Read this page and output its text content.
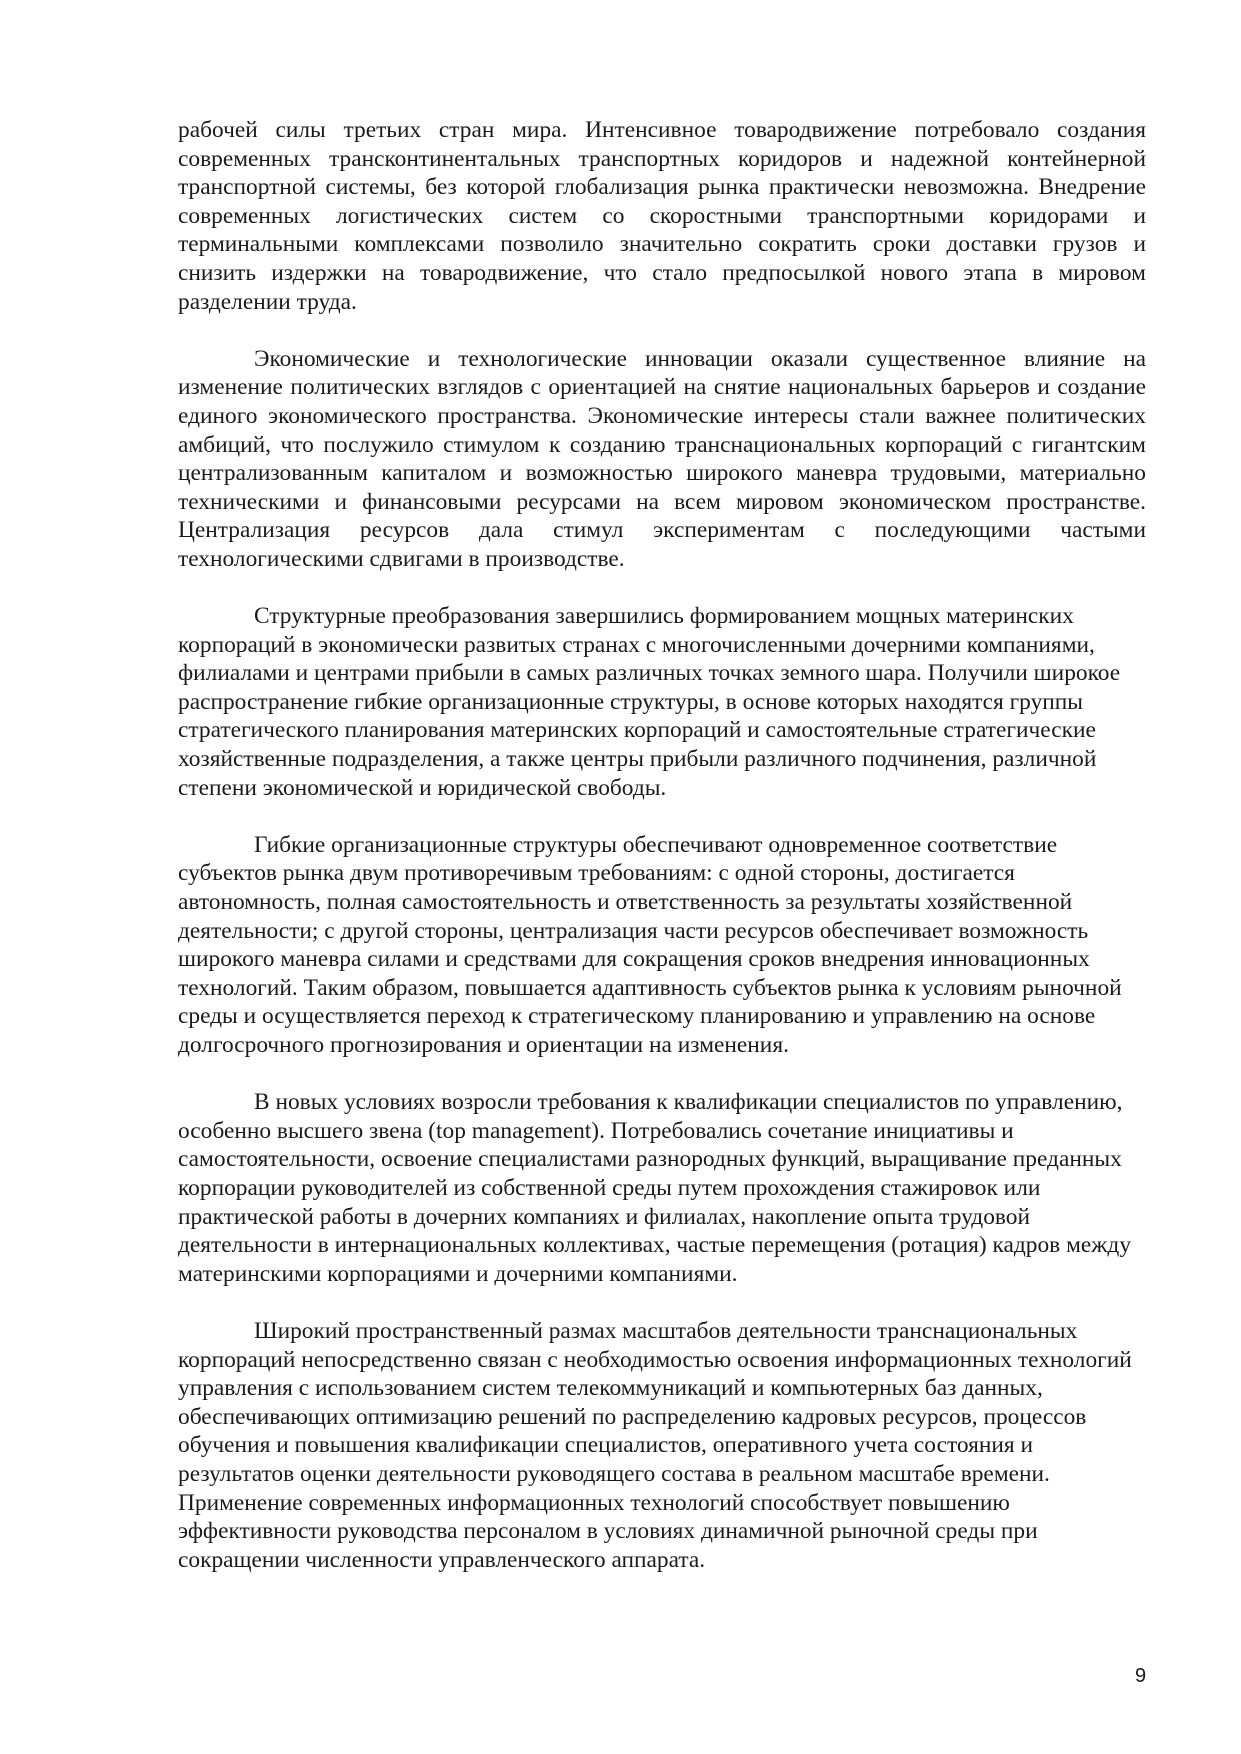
рабочей силы третьих стран мира. Интенсивное товародвижение потребовало создания современных трансконтинентальных транспортных коридоров и надежной контейнерной транспортной системы, без которой глобализация рынка практически невозможна. Внедрение современных логистических систем со скоростными транспортными коридорами и терминальными комплексами позволило значительно сократить сроки доставки грузов и снизить издержки на товародвижение, что стало предпосылкой нового этапа в мировом разделении труда.

Экономические и технологические инновации оказали существенное влияние на изменение политических взглядов с ориентацией на снятие национальных барьеров и создание единого экономического пространства. Экономические интересы стали важнее политических амбиций, что послужило стимулом к созданию транснациональных корпораций с гигантским централизованным капиталом и возможностью широкого маневра трудовыми, материально техническими и финансовыми ресурсами на всем мировом экономическом пространстве. Централизация ресурсов дала стимул экспериментам с последующими частыми технологическими сдвигами в производстве.

Структурные преобразования завершились формированием мощных материнских корпораций в экономически развитых странах с многочисленными дочерними компаниями, филиалами и центрами прибыли в самых различных точках земного шара. Получили широкое распространение гибкие организационные структуры, в основе которых находятся группы стратегического планирования материнских корпораций и самостоятельные стратегические хозяйственные подразделения, а также центры прибыли различного подчинения, различной степени экономической и юридической свободы.

Гибкие организационные структуры обеспечивают одновременное соответствие субъектов рынка двум противоречивым требованиям: с одной стороны, достигается автономность, полная самостоятельность и ответственность за результаты хозяйственной деятельности; с другой стороны, централизация части ресурсов обеспечивает возможность широкого маневра силами и средствами для сокращения сроков внедрения инновационных технологий. Таким образом, повышается адаптивность субъектов рынка к условиям рыночной среды и осуществляется переход к стратегическому планированию и управлению на основе долгосрочного прогнозирования и ориентации на изменения.

В новых условиях возросли требования к квалификации специалистов по управлению, особенно высшего звена (top management). Потребовались сочетание инициативы и самостоятельности, освоение специалистами разнородных функций, выращивание преданных корпорации руководителей из собственной среды путем прохождения стажировок или практической работы в дочерних компаниях и филиалах, накопление опыта трудовой деятельности в интернациональных коллективах, частые перемещения (ротация) кадров между материнскими корпорациями и дочерними компаниями.

Широкий пространственный размах масштабов деятельности транснациональных корпораций непосредственно связан с необходимостью освоения информационных технологий управления с использованием систем телекоммуникаций и компьютерных баз данных, обеспечивающих оптимизацию решений по распределению кадровых ресурсов, процессов обучения и повышения квалификации специалистов, оперативного учета состояния и результатов оценки деятельности руководящего состава в реальном масштабе времени. Применение современных информационных технологий способствует повышению эффективности руководства персоналом в условиях динамичной рыночной среды при сокращении численности управленческого аппарата.

9
